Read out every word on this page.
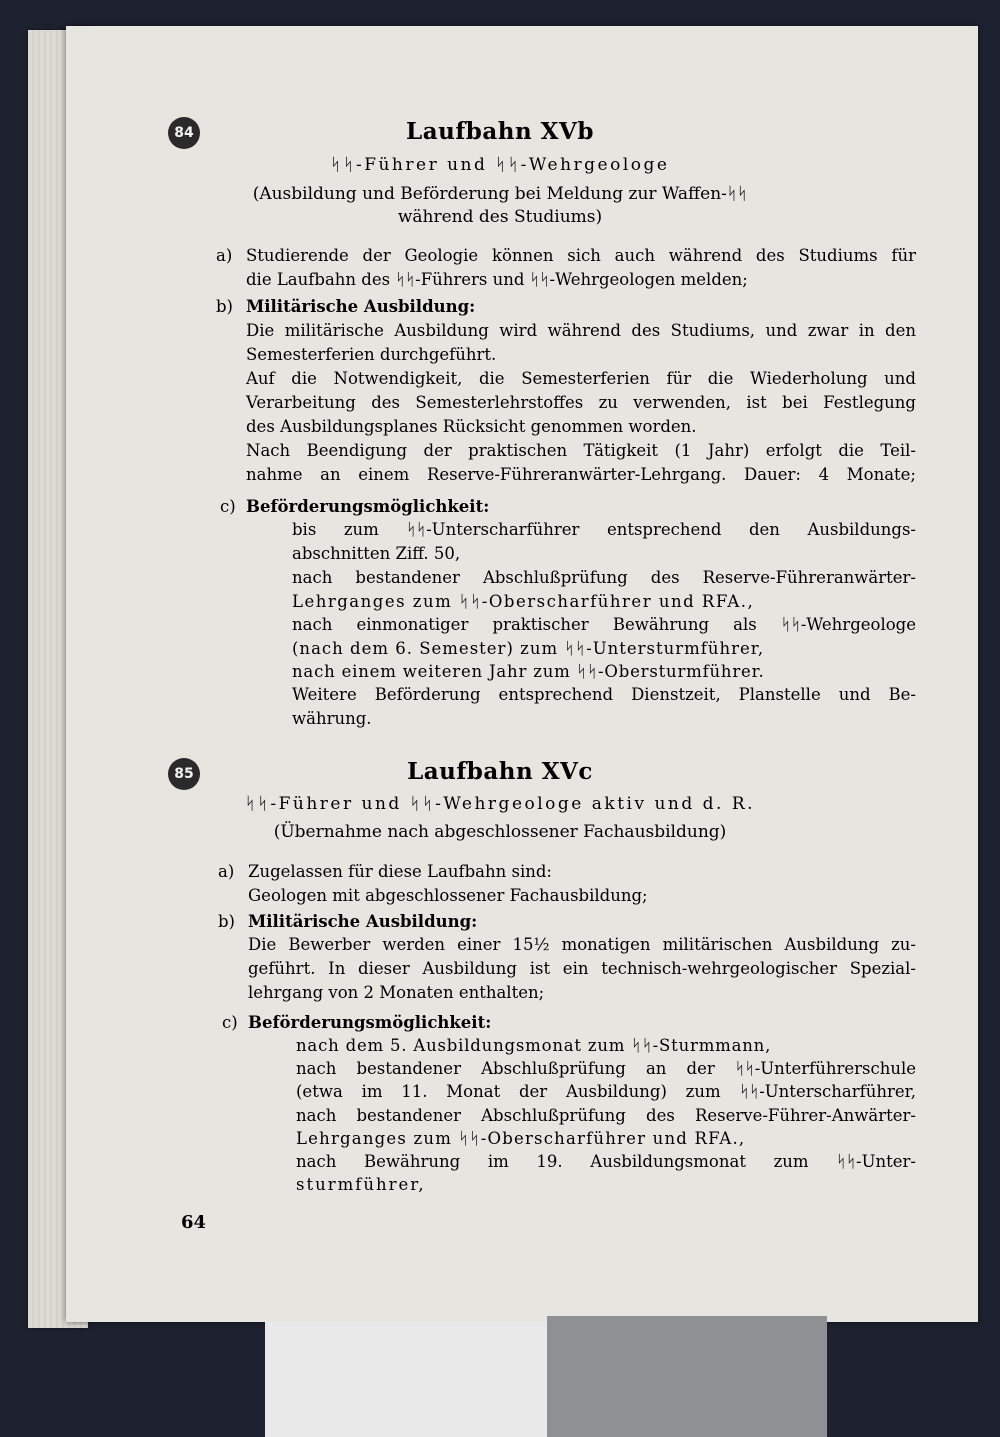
84	Laufbahn XVb
ᛋᛋ-Führer und ᛋᛋ-Wehrgeologe
(Ausbildung und Beförderung bei Meldung zur Waffen-ᛋᛋ
während des Studiums)
a) Studierende der Geologie können sich auch während des Studiums für
die Laufbahn des ᛋᛋ-Führers und ᛋᛋ-Wehrgeologen melden;
b) Militärische Ausbildung:
Die militärische Ausbildung wird während des Studiums, und zwar in den
Semesterferien durchgeführt.
Auf die Notwendigkeit, die Semesterferien für die Wiederholung und
Verarbeitung des Semesterlehrstoffes zu verwenden, ist bei Festlegung
des Ausbildungsplanes Rücksicht genommen worden.
Nach Beendigung der praktischen Tätigkeit (1 Jahr) erfolgt die Teil-
nahme an einem Reserve-Führeranwärter-Lehrgang. Dauer: 4 Monate;
c) Beförderungsmöglichkeit:
bis zum ᛋᛋ-Unterscharführer entsprechend den Ausbildungs-
abschnitten Ziff. 50,
nach bestandener Abschlußprüfung des Reserve-Führeranwärter-
Lehrganges zum ᛋᛋ-Oberscharführer und RFA.,
nach einmonatiger praktischer Bewährung als ᛋᛋ-Wehrgeologe
(nach dem 6. Semester) zum ᛋᛋ-Untersturmführer,
nach einem weiteren Jahr zum ᛋᛋ-Obersturmführer.
Weitere Beförderung entsprechend Dienstzeit, Planstelle und Be-
währung.
85	Laufbahn XVc
ᛋᛋ-Führer und ᛋᛋ-Wehrgeologe aktiv und d. R.
(Übernahme nach abgeschlossener Fachausbildung)
a) Zugelassen für diese Laufbahn sind:
Geologen mit abgeschlossener Fachausbildung;
b) Militärische Ausbildung:
Die Bewerber werden einer 15½ monatigen militärischen Ausbildung zu-
geführt. In dieser Ausbildung ist ein technisch-wehrgeologischer Spezial-
lehrgang von 2 Monaten enthalten;
c) Beförderungsmöglichkeit:
nach dem 5. Ausbildungsmonat zum ᛋᛋ-Sturmmann,
nach bestandener Abschlußprüfung an der ᛋᛋ-Unterführerschule
(etwa im 11. Monat der Ausbildung) zum ᛋᛋ-Unterscharführer,
nach bestandener Abschlußprüfung des Reserve-Führer-Anwärter-
Lehrganges zum ᛋᛋ-Oberscharführer und RFA.,
nach Bewährung im 19. Ausbildungsmonat zum ᛋᛋ-Unter-
sturmführer,
64
